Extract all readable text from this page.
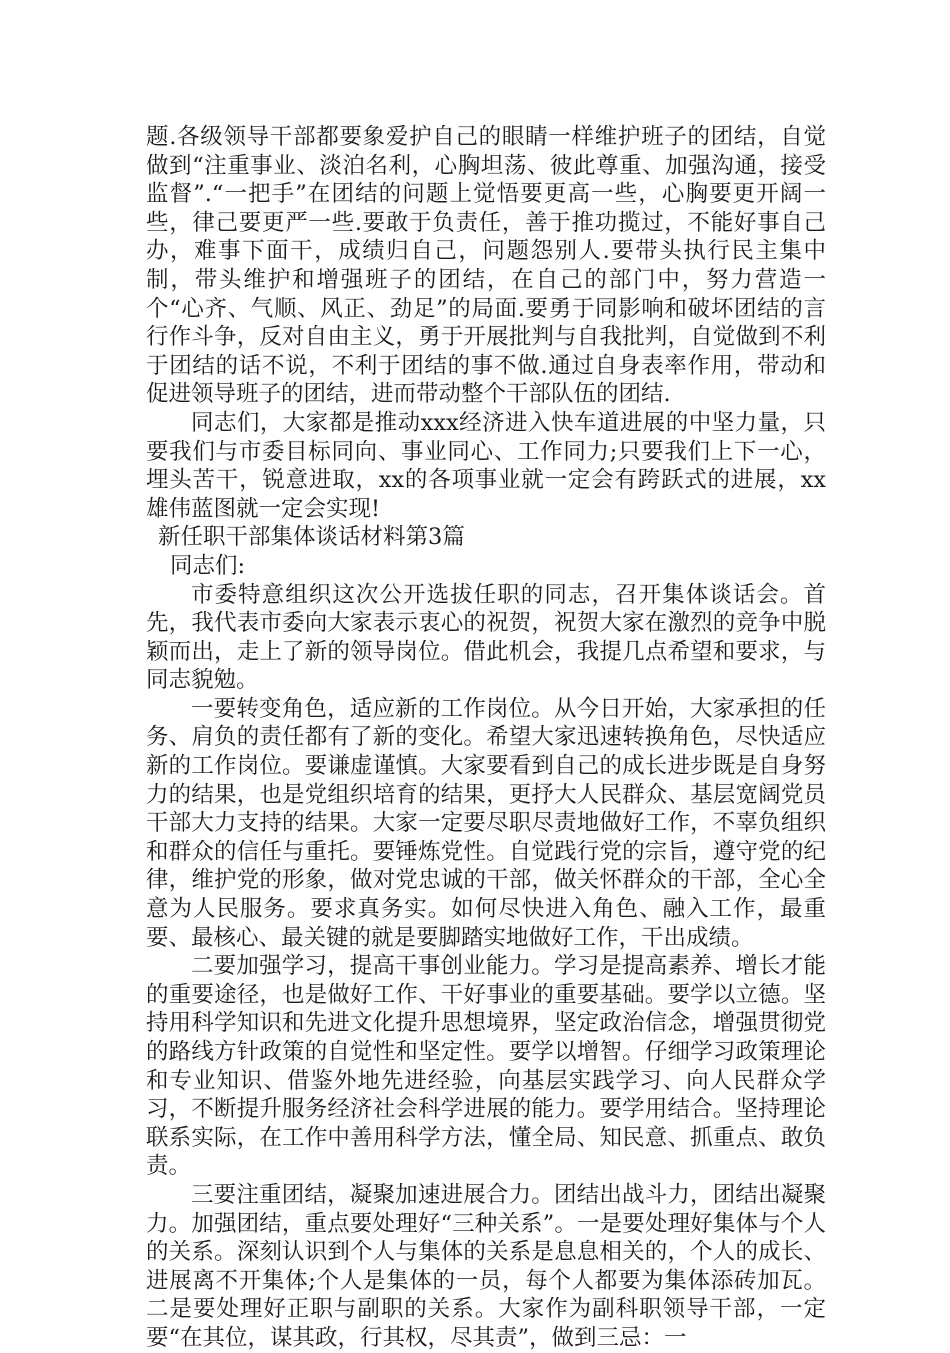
题.各级领导干部都要象爱护自己的眼睛一样维护班子的团结，自觉做到“注重事业、淡泊名利，心胸坦荡、彼此尊重、加强沟通，接受监督”.“一把手”在团结的问题上觉悟要更高一些，心胸要更开阔一些，律己要更严一些.要敢于负责任，善于推功揽过，不能好事自己办，难事下面干，成绩归自己，问题怨别人.要带头执行民主集中制，带头维护和增强班子的团结，在自己的部门中，努力营造一个“心齐、气顺、风正、劲足”的局面.要勇于同影响和破坏团结的言行作斗争，反对自由主义，勇于开展批判与自我批判，自觉做到不利于团结的话不说，不利于团结的事不做.通过自身表率作用，带动和促进领导班子的团结，进而带动整个干部队伍的团结.

同志们，大家都是推动xxx经济进入快车道进展的中坚力量，只要我们与市委目标同向、事业同心、工作同力;只要我们上下一心，埋头苦干，锐意进取，xx的各项事业就一定会有跨跃式的进展，xx雄伟蓝图就一定会实现!

新任职干部集体谈话材料第3篇

同志们:

市委特意组织这次公开选拔任职的同志，召开集体谈话会。首先，我代表市委向大家表示衷心的祝贺，祝贺大家在激烈的竞争中脱颖而出，走上了新的领导岗位。借此机会，我提几点希望和要求，与同志貌勉。

一要转变角色，适应新的工作岗位。从今日开始，大家承担的任务、肩负的责任都有了新的变化。希望大家迅速转换角色，尽快适应新的工作岗位。要谦虚谨慎。大家要看到自己的成长进步既是自身努力的结果，也是党组织培育的结果，更抒大人民群众、基层宽阔党员干部大力支持的结果。大家一定要尽职尽责地做好工作，不辜负组织和群众的信任与重托。要锤炼党性。自觉践行党的宗旨，遵守党的纪律，维护党的形象，做对党忠诚的干部，做关怀群众的干部，全心全意为人民服务。要求真务实。如何尽快进入角色、融入工作，最重要、最核心、最关键的就是要脚踏实地做好工作，干出成绩。

二要加强学习，提高干事创业能力。学习是提高素养、增长才能的重要途径，也是做好工作、干好事业的重要基础。要学以立德。坚持用科学知识和先进文化提升思想境界，坚定政治信念，增强贯彻党的路线方针政策的自觉性和坚定性。要学以增智。仔细学习政策理论和专业知识、借鉴外地先进经验，向基层实践学习、向人民群众学习，不断提升服务经济社会科学进展的能力。要学用结合。坚持理论联系实际，在工作中善用科学方法，懂全局、知民意、抓重点、敢负责。

三要注重团结，凝聚加速进展合力。团结出战斗力，团结出凝聚力。加强团结，重点要处理好“三种关系”。一是要处理好集体与个人的关系。深刻认识到个人与集体的关系是息息相关的，个人的成长、进展离不开集体;个人是集体的一员，每个人都要为集体添砖加瓦。二是要处理好正职与副职的关系。大家作为副科职领导干部，一定要“在其位，谋其政，行其权，尽其责”，做到三忌：一
